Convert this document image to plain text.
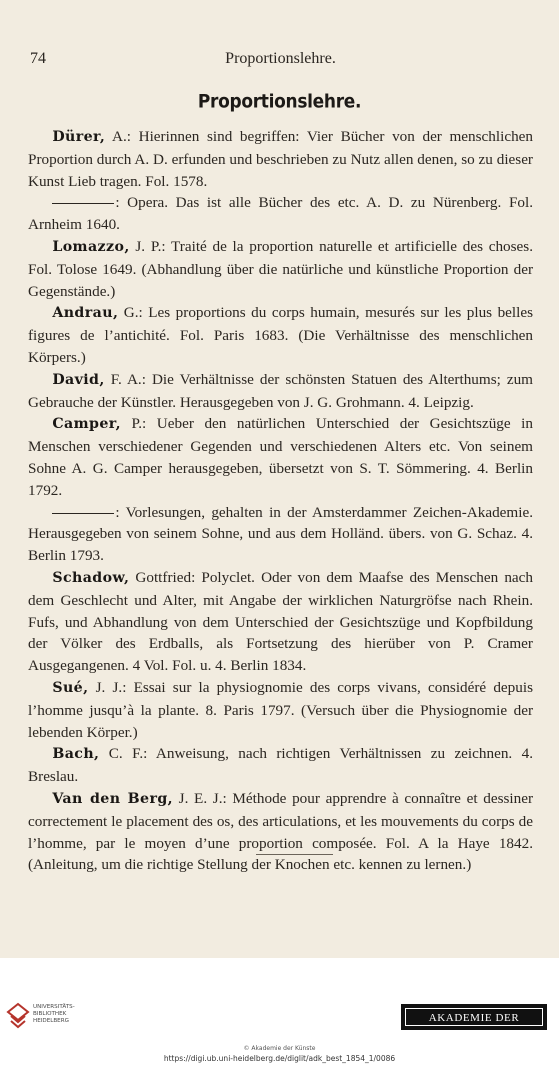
74	Proportionslehre.
Proportionslehre.

Dürer, A.: Hierinnen sind begriffen: Vier Bücher von der menschlichen Proportion durch A. D. erfunden und beschrieben zu Nutz allen denen, so zu dieser Kunst Lieb tragen. Fol. 1578.

: Opera. Das ist alle Bücher des etc. A. D. zu Nürenberg. Fol. Arnheim 1640.

Lomazzo, J. P.: Traité de la proportion naturelle et artificielle des choses. Fol. Tolose 1649. (Abhandlung über die natürliche und künstliche Proportion der Gegenstände.)

Andrau, G.: Les proportions du corps humain, mesurés sur les plus belles figures de l’antichité. Fol. Paris 1683. (Die Verhältnisse des menschlichen Körpers.)

David, F. A.: Die Verhältnisse der schönsten Statuen des Alterthums; zum Gebrauche der Künstler. Herausgegeben von J. G. Grohmann. 4. Leipzig.

Camper, P.: Ueber den natürlichen Unterschied der Gesichtszüge in Menschen verschiedener Gegenden und verschiedenen Alters etc. Von seinem Sohne A. G. Camper herausgegeben, übersetzt von S. T. Sömmering. 4. Berlin 1792.

: Vorlesungen, gehalten in der Amsterdammer Zeichen-Akademie. Herausgegeben von seinem Sohne, und aus dem Holländ. übers. von G. Schaz. 4. Berlin 1793.

Schadow, Gottfried: Polyclet. Oder von dem Maafse des Menschen nach dem Geschlecht und Alter, mit Angabe der wirklichen Naturgröfse nach Rhein. Fufs, und Abhandlung von dem Unterschied der Gesichtszüge und Kopfbildung der Völker des Erdballs, als Fortsetzung des hierüber von P. Cramer Ausgegangenen. 4 Vol. Fol. u. 4. Berlin 1834.

Sué, J. J.: Essai sur la physiognomie des corps vivans, considéré depuis l’homme jusqu’à la plante. 8. Paris 1797. (Versuch über die Physiognomie der lebenden Körper.)

Bach, C. F.: Anweisung, nach richtigen Verhältnissen zu zeichnen. 4. Breslau.

Van den Berg, J. E. J.: Méthode pour apprendre à connaître et dessiner correctement le placement des os, des articulations, et les mouvements du corps de l’homme, par le moyen d’une proportion composée. Fol. A la Haye 1842. (Anleitung, um die richtige Stellung der Knochen etc. kennen zu lernen.)

UNIVERSITÄTS-
BIBLIOTHEK
HEIDELBERG	AKADEMIE DER KÜNSTE
© Akademie der Künste
https://digi.ub.uni-heidelberg.de/diglit/adk_best_1854_1/0086
